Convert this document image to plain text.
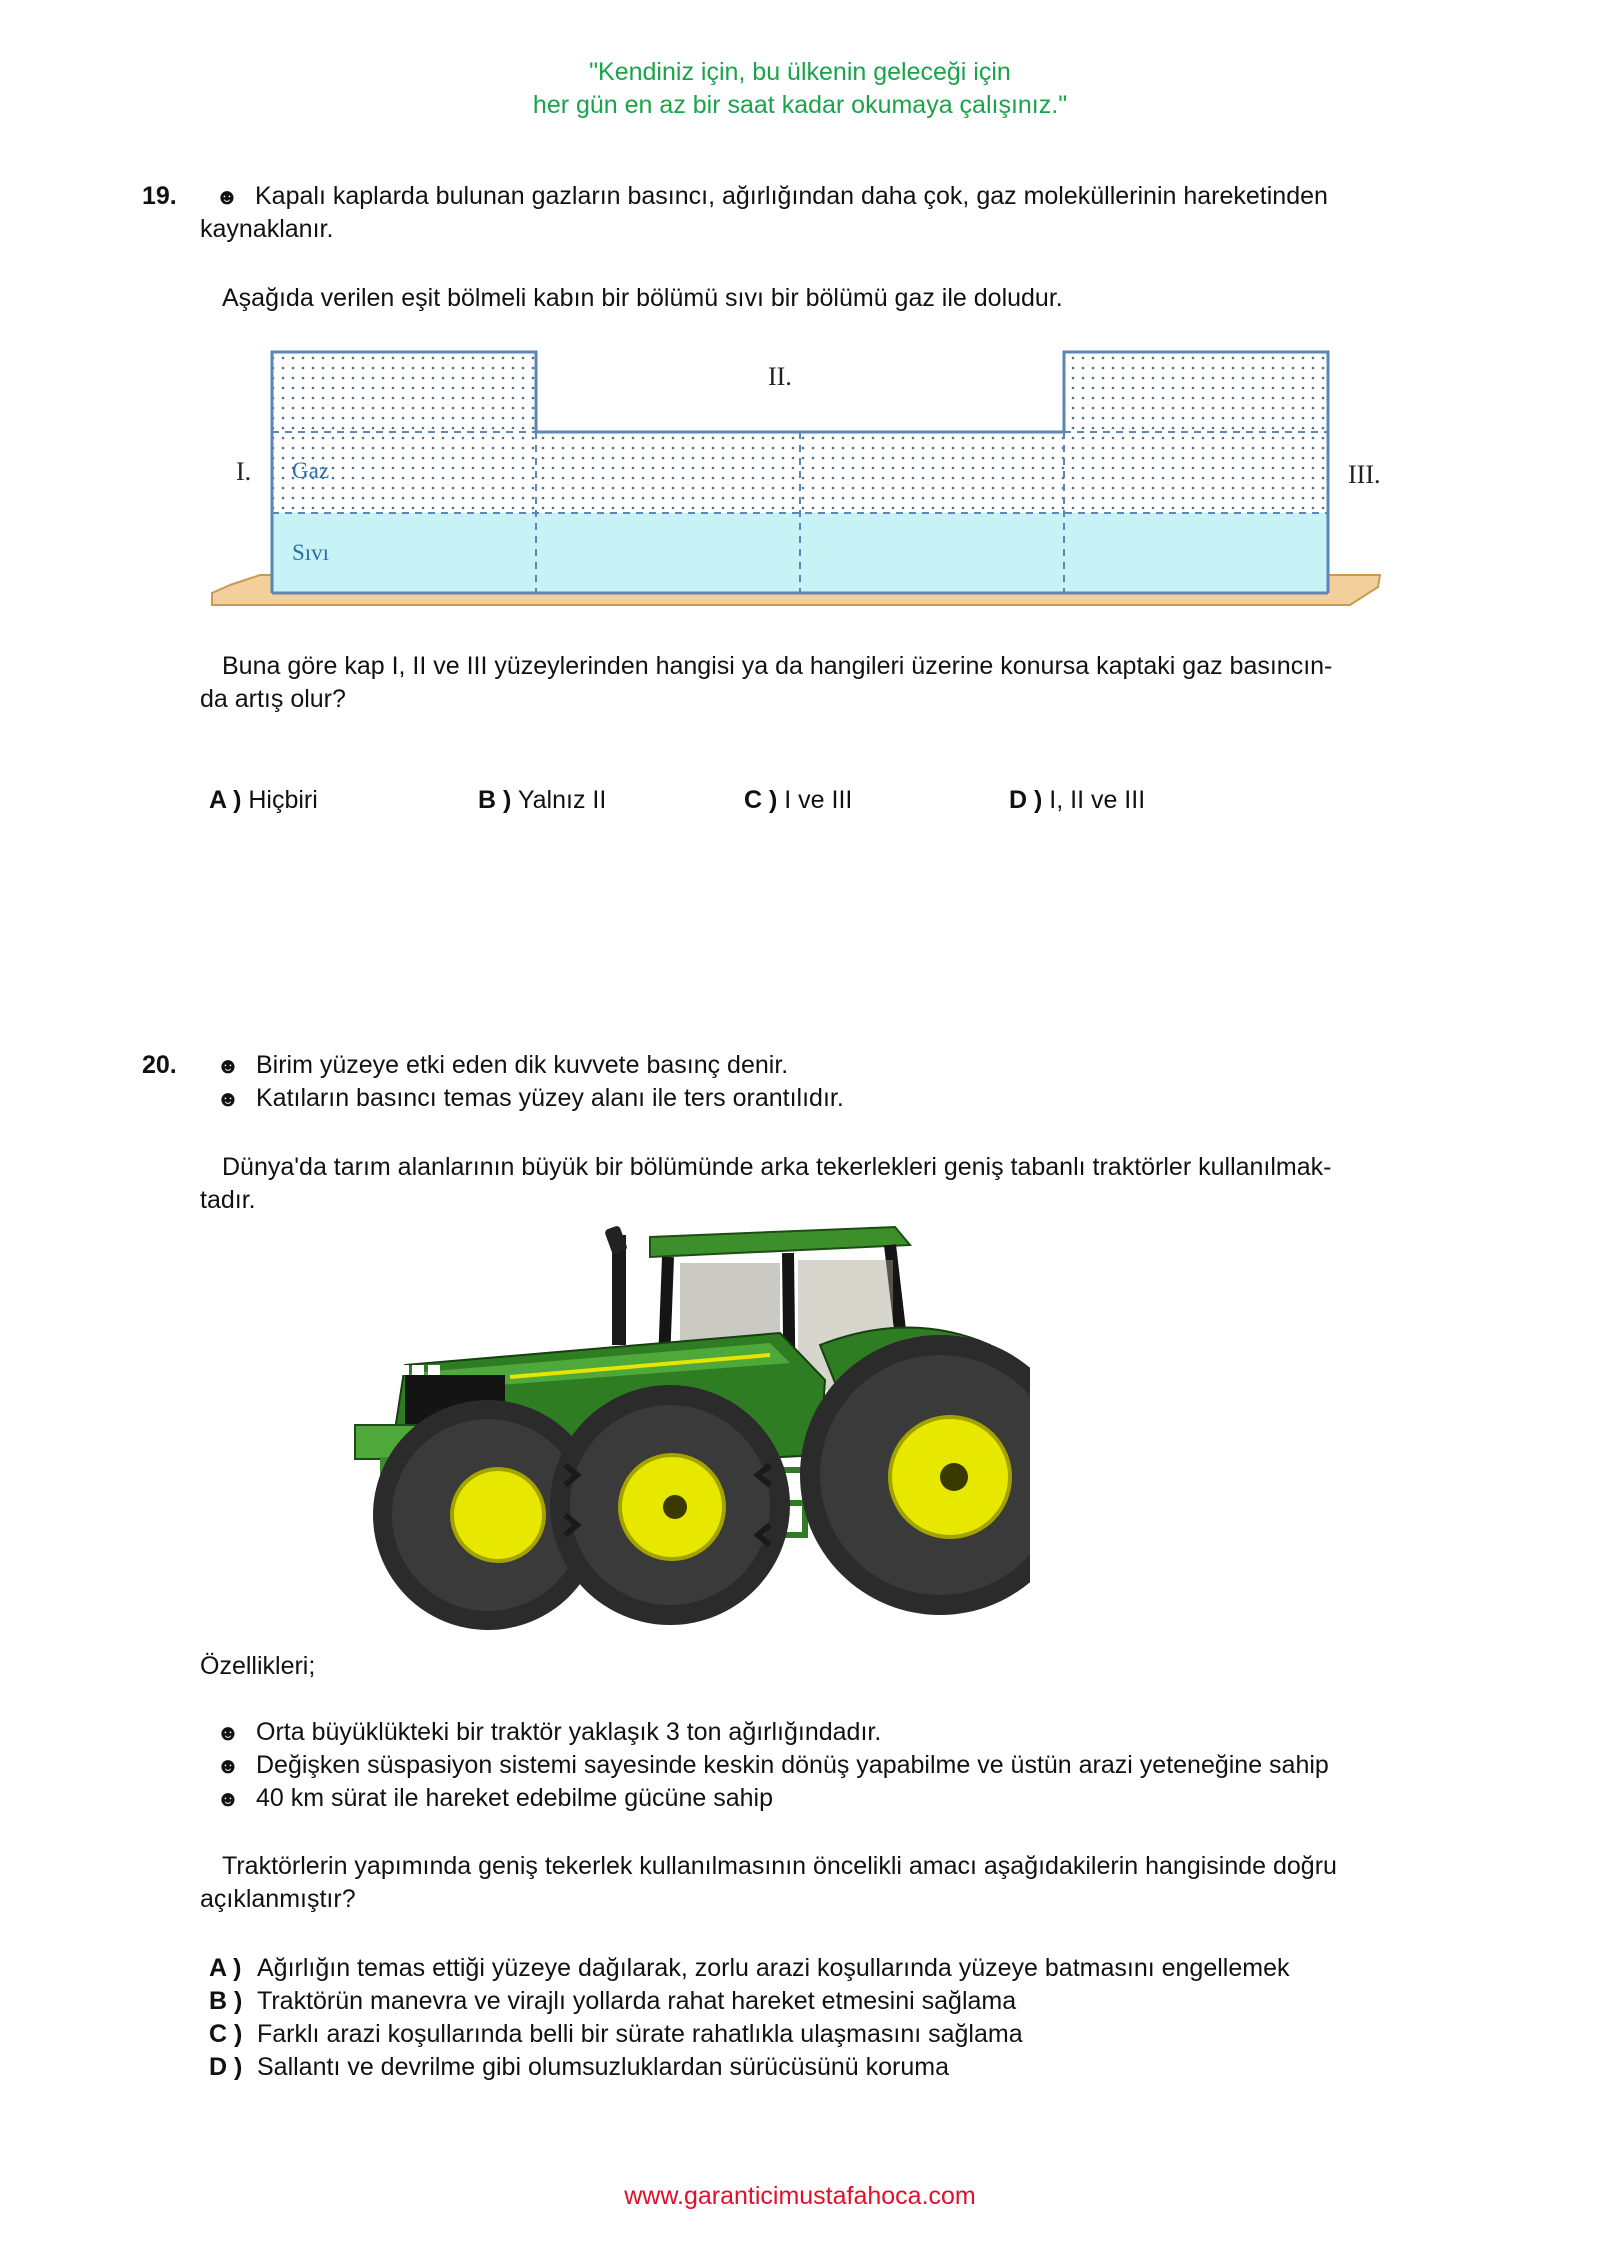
"Kendiniz için, bu ülkenin geleceği için
her gün en az bir saat kadar okumaya çalışınız."
19.	☻ Kapalı kaplarda bulunan gazların basıncı, ağırlığından daha çok, gaz moleküllerinin hareketinden
kaynaklanır.
Aşağıda verilen eşit bölmeli kabın bir bölümü sıvı bir bölümü gaz ile doludur.
I.
II.
III.
Gaz
Sıvı
Buna göre kap I, II ve III yüzeylerinden hangisi ya da hangileri üzerine konursa kaptaki gaz basıncın-
da artış olur?
A ) Hiçbiri	B ) Yalnız II	C ) I ve III	D ) I, II ve III
20.	☻ Birim yüzeye etki eden dik kuvvete basınç denir.
☻ Katıların basıncı temas yüzey alanı ile ters orantılıdır.
Dünya'da tarım alanlarının büyük bir bölümünde arka tekerlekleri geniş tabanlı traktörler kullanılmak-
tadır.
Özellikleri;
☻ Orta büyüklükteki bir traktör yaklaşık 3 ton ağırlığındadır.
☻ Değişken süspasiyon sistemi sayesinde keskin dönüş yapabilme ve üstün arazi yeteneğine sahip
☻ 40 km sürat ile hareket edebilme gücüne sahip
Traktörlerin yapımında geniş tekerlek kullanılmasının öncelikli amacı aşağıdakilerin hangisinde doğru
açıklanmıştır?
A ) Ağırlığın temas ettiği yüzeye dağılarak, zorlu arazi koşullarında yüzeye batmasını engellemek
B ) Traktörün manevra ve virajlı yollarda rahat hareket etmesini sağlama
C ) Farklı arazi koşullarında belli bir sürate rahatlıkla ulaşmasını sağlama
D ) Sallantı ve devrilme gibi olumsuzluklardan sürücüsünü koruma
www.garanticimustafahoca.com
